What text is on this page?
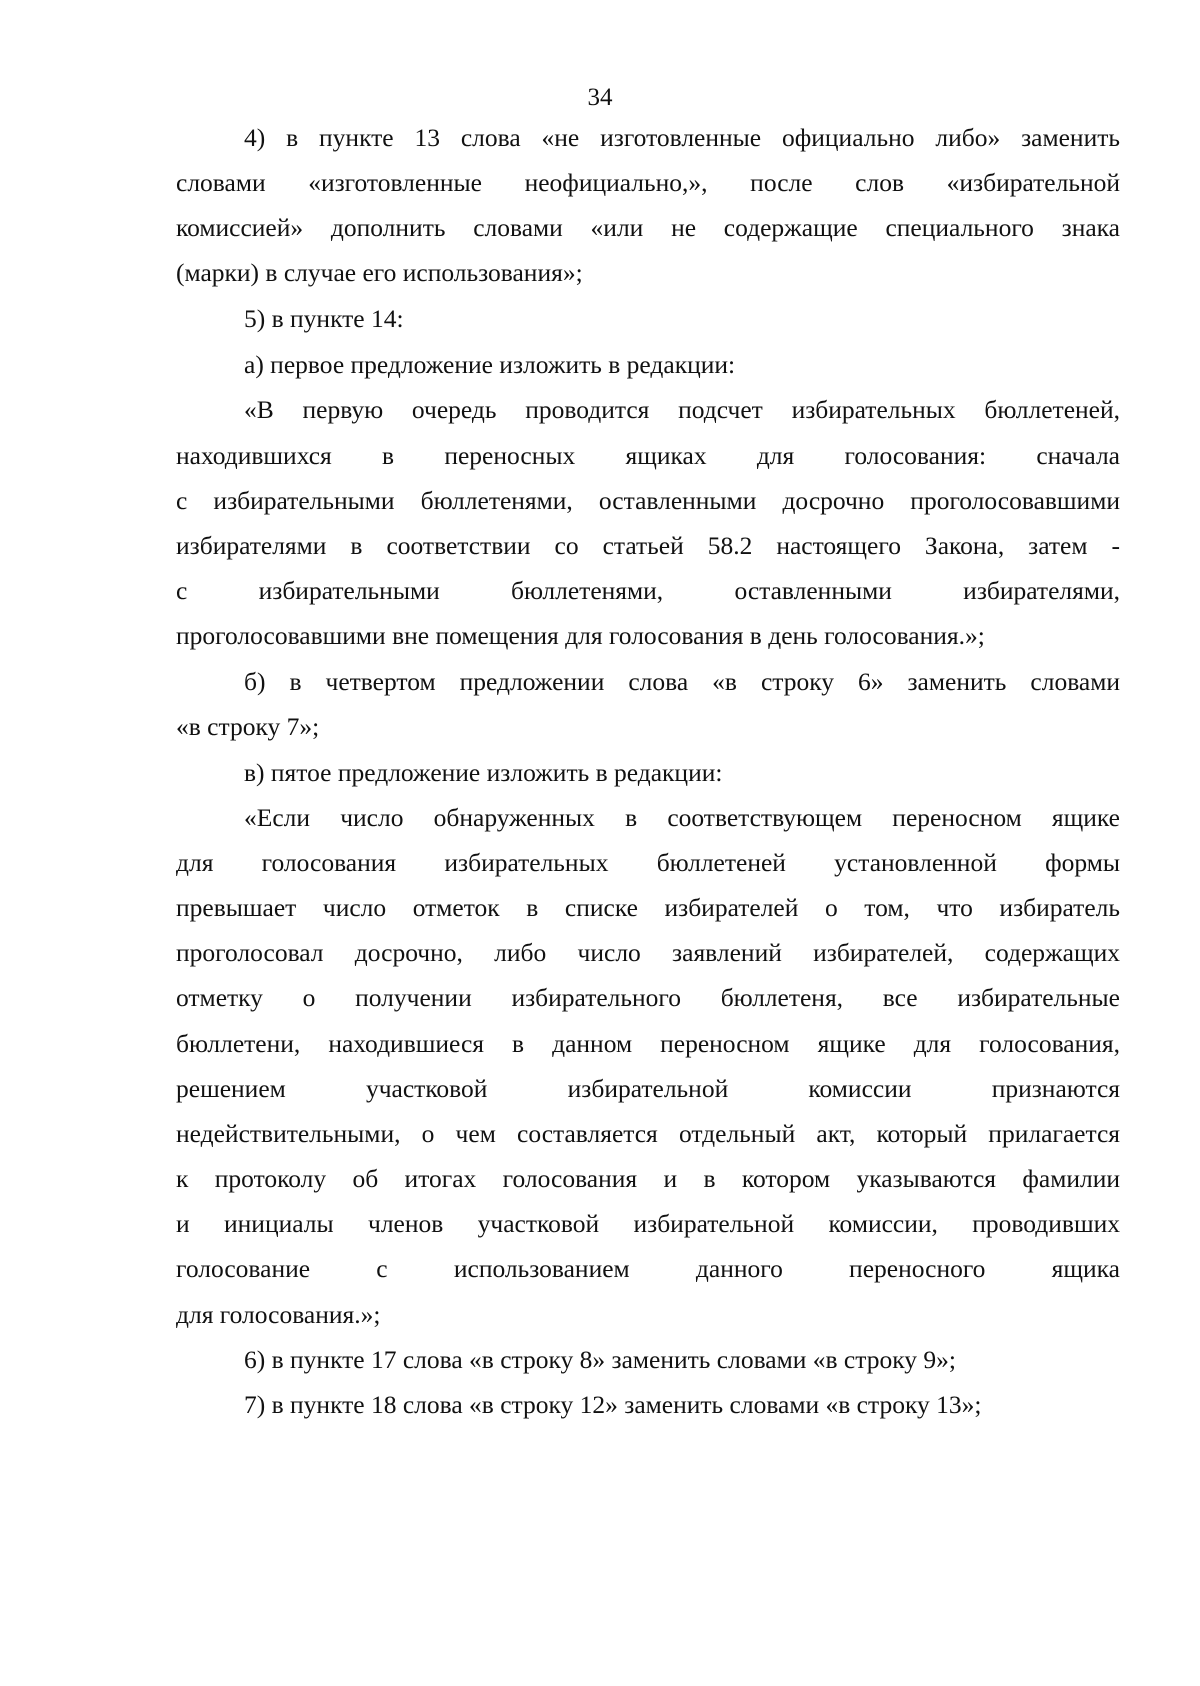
34
4) в пункте 13 слова «не изготовленные официально либо» заменить
словами «изготовленные неофициально,», после слов «избирательной
комиссией» дополнить словами «или не содержащие специального знака
(марки) в случае его использования»;
5) в пункте 14:
а) первое предложение изложить в редакции:
«В первую очередь проводится подсчет избирательных бюллетеней,
находившихся в переносных ящиках для голосования: сначала
с избирательными бюллетенями, оставленными досрочно проголосовавшими
избирателями в соответствии со статьей 58.2 настоящего Закона, затем -
с избирательными бюллетенями, оставленными избирателями,
проголосовавшими вне помещения для голосования в день голосования.»;
б) в четвертом предложении слова «в строку 6» заменить словами
«в строку 7»;
в) пятое предложение изложить в редакции:
«Если число обнаруженных в соответствующем переносном ящике
для голосования избирательных бюллетеней установленной формы
превышает число отметок в списке избирателей о том, что избиратель
проголосовал досрочно, либо число заявлений избирателей, содержащих
отметку о получении избирательного бюллетеня, все избирательные
бюллетени, находившиеся в данном переносном ящике для голосования,
решением участковой избирательной комиссии признаются
недействительными, о чем составляется отдельный акт, который прилагается
к протоколу об итогах голосования и в котором указываются фамилии
и инициалы членов участковой избирательной комиссии, проводивших
голосование с использованием данного переносного ящика
для голосования.»;
6) в пункте 17 слова «в строку 8» заменить словами «в строку 9»;
7) в пункте 18 слова «в строку 12» заменить словами «в строку 13»;
